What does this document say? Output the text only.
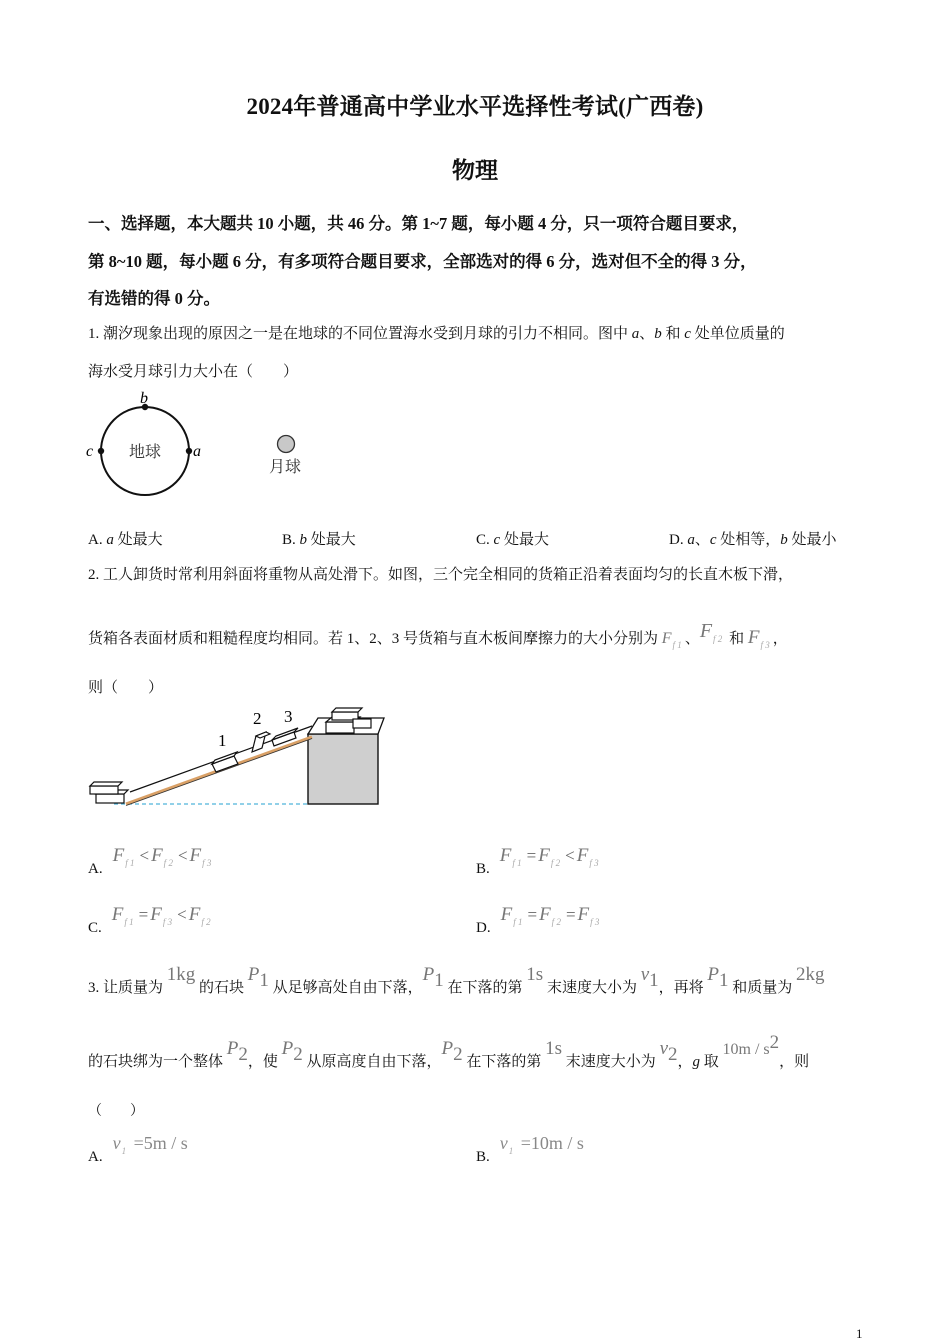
2024年普通高中学业水平选择性考试(广西卷)
物理
一、选择题，本大题共 10 小题，共 46 分。第 1~7 题，每小题 4 分，只一项符合题目要求，
第 8~10 题，每小题 6 分，有多项符合题目要求，全部选对的得 6 分，选对但不全的得 3 分，
有选错的得 0 分。
1. 潮汐现象出现的原因之一是在地球的不同位置海水受到月球的引力不相同。图中 a、b 和 c 处单位质量的
海水受月球引力大小在（　　）
b
c	a
地球
月球
A. a 处最大	B. b 处最大	C. c 处最大	D. a、c 处相等，b 处最小
2. 工人卸货时常利用斜面将重物从高处滑下。如图，三个完全相同的货箱正沿着表面均匀的长直木板下滑，
货箱各表面材质和粗糙程度均相同。若 1、2、3 号货箱与直木板间摩擦力的大小分别为 $F_{f 1}$ 、$F_{f 2}$ 和 $F_{f 3}$ ，
则（　　）
1
2 3
A. $F_{f 1} < F_{f 2} < F_{f 3}$	B. $F_{f 1} = F_{f 2} < F_{f 3}$
C. $F_{f 1} = F_{f 3} < F_{f 2}$	D. $F_{f 1} = F_{f 2} = F_{f 3}$
3. 让质量为 1kg 的石块 P1 从足够高处自由下落，P1 在下落的第 1s 末速度大小为 v1，再将 P1 和质量为 2kg
的石块绑为一个整体 P2，使 P2 从原高度自由下落，P2 在下落的第 1s 末速度大小为 v2，g 取 10m / s2，则
（　　）
A. $v_1 =5m / s$
B. $v_1 =10m / s$
1
